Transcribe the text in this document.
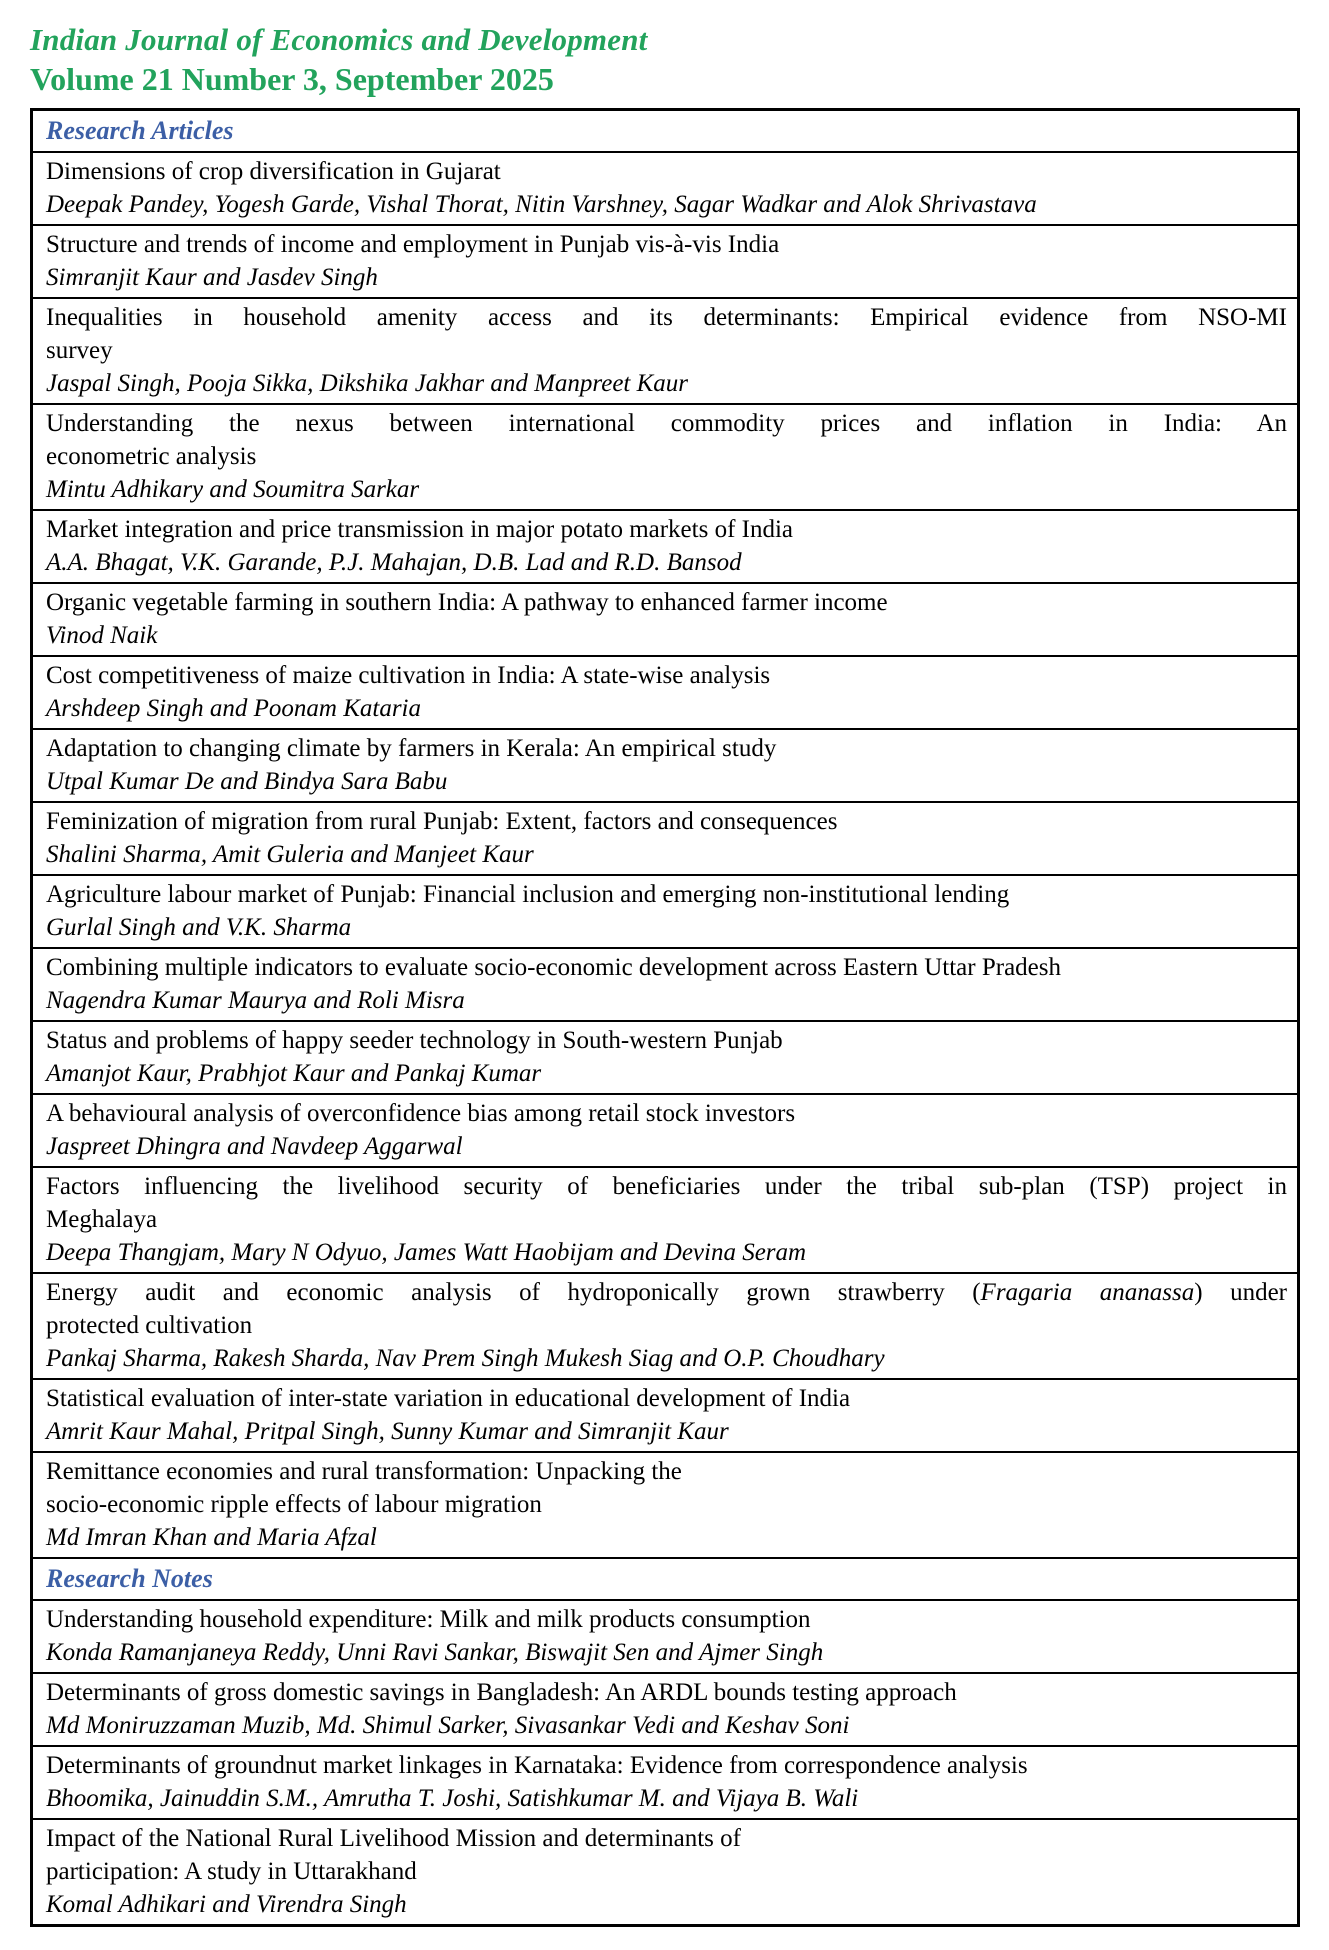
Indian Journal of Economics and Development
Volume 21 Number 3, September 2025
Research Articles
Dimensions of crop diversification in Gujarat
Deepak Pandey, Yogesh Garde, Vishal Thorat, Nitin Varshney, Sagar Wadkar and Alok Shrivastava
Structure and trends of income and employment in Punjab vis-à-vis India
Simranjit Kaur and Jasdev Singh
Inequalities in household amenity access and its determinants: Empirical evidence from NSO-MI
survey
Jaspal Singh, Pooja Sikka, Dikshika Jakhar and Manpreet Kaur
Understanding the nexus between international commodity prices and inflation in India: An
econometric analysis
Mintu Adhikary and Soumitra Sarkar
Market integration and price transmission in major potato markets of India
A.A. Bhagat, V.K. Garande, P.J. Mahajan, D.B. Lad and R.D. Bansod
Organic vegetable farming in southern India: A pathway to enhanced farmer income
Vinod Naik
Cost competitiveness of maize cultivation in India: A state-wise analysis
Arshdeep Singh and Poonam Kataria
Adaptation to changing climate by farmers in Kerala: An empirical study
Utpal Kumar De and Bindya Sara Babu
Feminization of migration from rural Punjab: Extent, factors and consequences
Shalini Sharma, Amit Guleria and Manjeet Kaur
Agriculture labour market of Punjab: Financial inclusion and emerging non-institutional lending
Gurlal Singh and V.K. Sharma
Combining multiple indicators to evaluate socio-economic development across Eastern Uttar Pradesh
Nagendra Kumar Maurya and Roli Misra
Status and problems of happy seeder technology in South-western Punjab
Amanjot Kaur, Prabhjot Kaur and Pankaj Kumar
A behavioural analysis of overconfidence bias among retail stock investors
Jaspreet Dhingra and Navdeep Aggarwal
Factors influencing the livelihood security of beneficiaries under the tribal sub-plan (TSP) project in
Meghalaya
Deepa Thangjam, Mary N Odyuo, James Watt Haobijam and Devina Seram
Energy audit and economic analysis of hydroponically grown strawberry (Fragaria ananassa) under
protected cultivation
Pankaj Sharma, Rakesh Sharda, Nav Prem Singh Mukesh Siag and O.P. Choudhary
Statistical evaluation of inter-state variation in educational development of India
Amrit Kaur Mahal, Pritpal Singh, Sunny Kumar and Simranjit Kaur
Remittance economies and rural transformation: Unpacking the
socio-economic ripple effects of labour migration
Md Imran Khan and Maria Afzal
Research Notes
Understanding household expenditure: Milk and milk products consumption
Konda Ramanjaneya Reddy, Unni Ravi Sankar, Biswajit Sen and Ajmer Singh
Determinants of gross domestic savings in Bangladesh: An ARDL bounds testing approach
Md Moniruzzaman Muzib, Md. Shimul Sarker, Sivasankar Vedi and Keshav Soni
Determinants of groundnut market linkages in Karnataka: Evidence from correspondence analysis
Bhoomika, Jainuddin S.M., Amrutha T. Joshi, Satishkumar M. and Vijaya B. Wali
Impact of the National Rural Livelihood Mission and determinants of
participation: A study in Uttarakhand
Komal Adhikari and Virendra Singh
